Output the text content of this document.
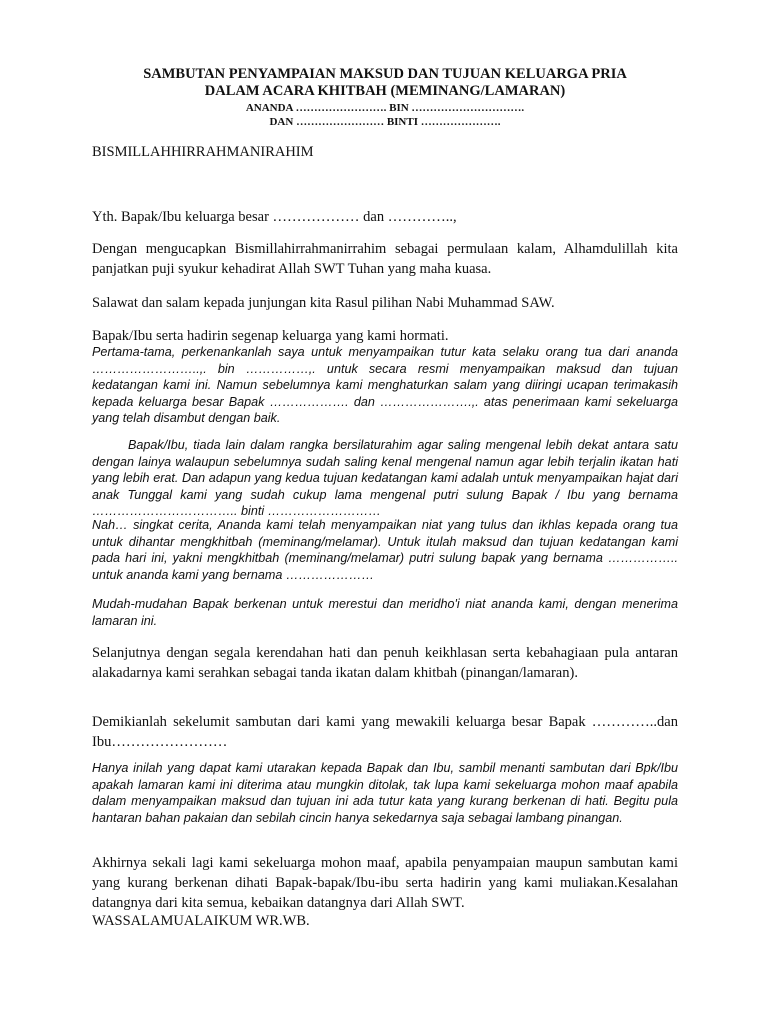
SAMBUTAN PENYAMPAIAN MAKSUD DAN TUJUAN KELUARGA PRIA
DALAM ACARA KHITBAH (MEMINANG/LAMARAN)
ANANDA ……………………. BIN ………………………….
DAN …………………… BINTI ………………….

BISMILLAHHIRRAHMANIRAHIM

Yth. Bapak/Ibu keluarga besar ……………… dan …………..,

Dengan mengucapkan Bismillahirrahmanirrahim sebagai permulaan kalam, Alhamdulillah kita panjatkan puji syukur kehadirat Allah SWT Tuhan yang maha kuasa.

Salawat dan salam kepada junjungan kita Rasul pilihan Nabi Muhammad SAW.

Bapak/Ibu serta hadirin segenap keluarga yang kami hormati.

Pertama-tama, perkenankanlah saya untuk menyampaikan tutur kata selaku orang tua dari ananda ……………………..,. bin ……………,. untuk secara resmi menyampaikan maksud dan tujuan kedatangan kami ini. Namun sebelumnya kami menghaturkan salam yang diiringi ucapan terimakasih kepada keluarga besar Bapak ………………. dan ………………….,. atas penerimaan kami sekeluarga yang telah disambut dengan baik.

Bapak/Ibu, tiada lain dalam rangka bersilaturahim agar saling mengenal lebih dekat antara satu dengan lainya walaupun sebelumnya sudah saling kenal mengenal namun agar lebih terjalin ikatan hati yang lebih erat. Dan adapun yang kedua tujuan kedatangan kami adalah untuk menyampaikan hajat dari anak Tunggal kami yang sudah cukup lama mengenal putri sulung Bapak / Ibu yang bernama …………………………….. binti ………………………

Nah… singkat cerita, Ananda kami telah menyampaikan niat yang tulus dan ikhlas kepada orang tua untuk dihantar mengkhitbah (meminang/melamar). Untuk itulah maksud dan tujuan kedatangan kami pada hari ini, yakni mengkhitbah (meminang/melamar) putri sulung bapak yang bernama …………….. untuk ananda kami yang bernama …………………

Mudah-mudahan Bapak berkenan untuk merestui dan meridho'i niat ananda kami, dengan menerima lamaran ini.

Selanjutnya dengan segala kerendahan hati dan penuh keikhlasan serta kebahagiaan pula antaran alakadarnya kami serahkan sebagai tanda ikatan dalam khitbah (pinangan/lamaran).

Demikianlah sekelumit sambutan dari kami yang mewakili keluarga besar Bapak …………..dan Ibu……………………

Hanya inilah yang dapat kami utarakan kepada Bapak dan Ibu, sambil menanti sambutan dari Bpk/Ibu apakah lamaran kami ini diterima atau mungkin ditolak, tak lupa kami sekeluarga mohon maaf apabila dalam menyampaikan maksud dan tujuan ini ada tutur kata yang kurang berkenan di hati. Begitu pula hantaran bahan pakaian dan sebilah cincin hanya sekedarnya saja sebagai lambang pinangan.

Akhirnya sekali lagi kami sekeluarga mohon maaf, apabila penyampaian maupun sambutan kami yang kurang berkenan dihati Bapak-bapak/Ibu-ibu serta hadirin yang kami muliakan.Kesalahan datangnya dari kita semua, kebaikan datangnya dari Allah SWT.

WASSALAMUALAIKUM WR.WB.
